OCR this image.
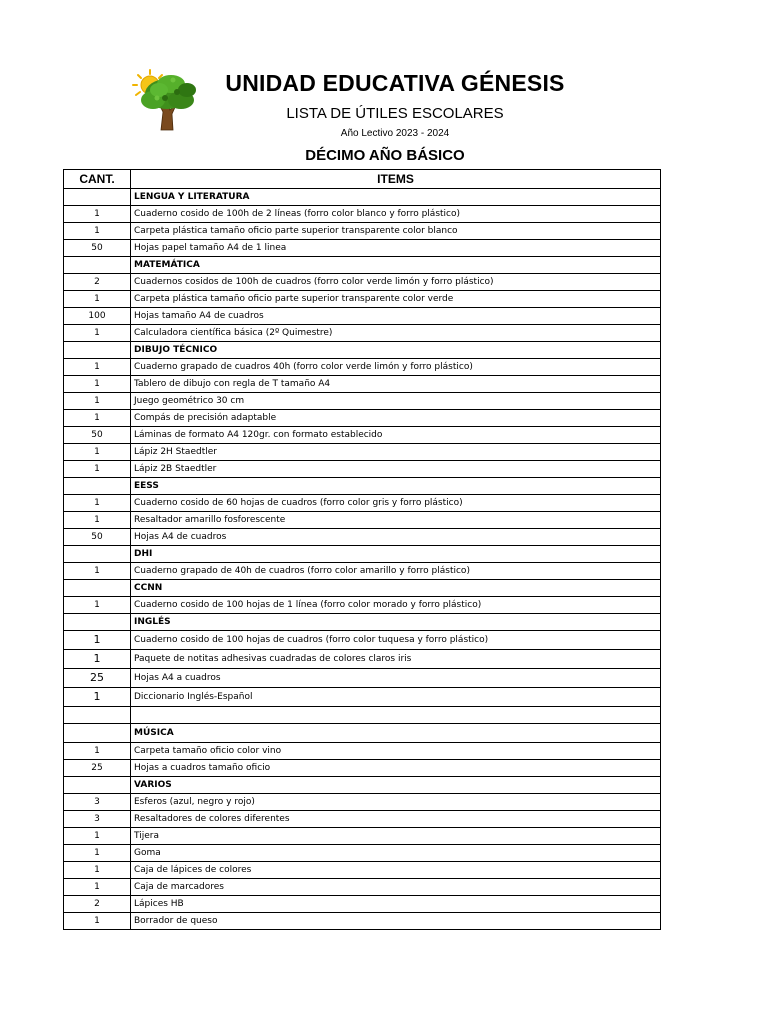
UNIDAD EDUCATIVA GÉNESIS
LISTA DE ÚTILES ESCOLARES
Año Lectivo 2023 - 2024
DÉCIMO AÑO BÁSICO
CANT.	ITEMS
	LENGUA Y LITERATURA
1	Cuaderno cosido de 100h de 2 líneas (forro color blanco y forro plástico)
1	Carpeta plástica tamaño oficio parte superior transparente color blanco
50	Hojas papel tamaño A4 de 1 linea
	MATEMÁTICA
2	Cuadernos cosidos de 100h de cuadros (forro color verde limón y forro plástico)
1	Carpeta plástica tamaño oficio parte superior transparente color verde
100	Hojas tamaño A4 de cuadros
1	Calculadora científica básica (2º Quimestre)
	DIBUJO TÉCNICO
1	Cuaderno grapado de cuadros 40h (forro color verde limón y forro plástico)
1	Tablero de dibujo con regla de T tamaño A4
1	Juego geométrico 30 cm
1	Compás de precisión adaptable
50	Láminas de formato A4 120gr. con formato establecido
1	Lápiz 2H Staedtler
1	Lápiz 2B Staedtler
	EESS
1	Cuaderno cosido de 60 hojas de cuadros (forro color gris y forro plástico)
1	Resaltador amarillo fosforescente
50	Hojas A4 de cuadros
	DHI
1	Cuaderno grapado de 40h de cuadros (forro color amarillo y forro plástico)
	CCNN
1	Cuaderno cosido de 100 hojas de 1 línea (forro color morado y forro plástico)
	INGLÉS
1	Cuaderno cosido de 100 hojas de cuadros (forro color tuquesa y forro plástico)
1	Paquete de notitas adhesivas cuadradas de colores claros iris
25	Hojas A4 a cuadros
1	Diccionario Inglés-Español

	MÚSICA
1	Carpeta tamaño oficio color vino
25	Hojas a cuadros tamaño oficio
	VARIOS
3	Esferos (azul, negro y rojo)
3	Resaltadores de colores diferentes
1	Tijera
1	Goma
1	Caja de lápices de colores
1	Caja de marcadores
2	Lápices HB
1	Borrador de queso
